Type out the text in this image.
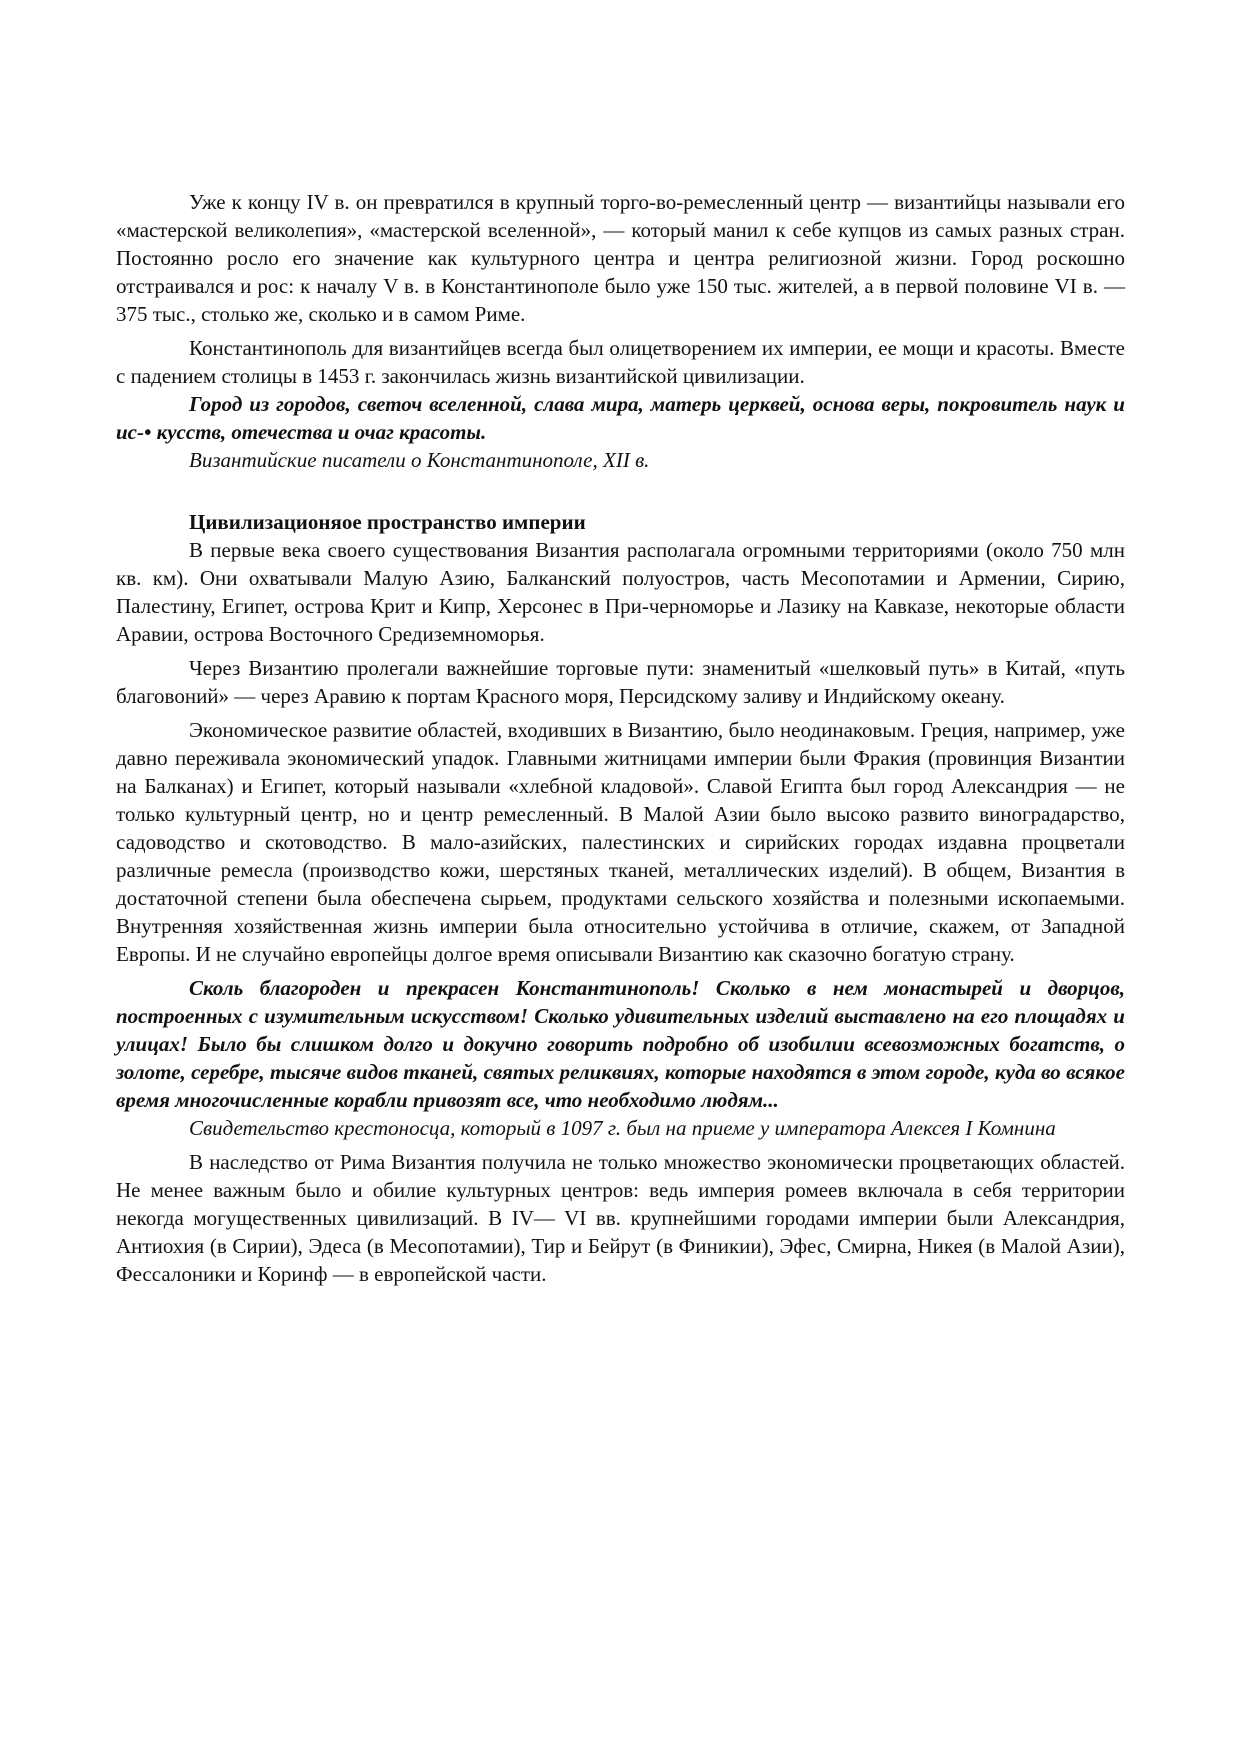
Уже к концу IV в. он превратился в крупный торго-во-ремесленный центр — византийцы называли его «мастерской великолепия», «мастерской вселенной», — который манил к себе купцов из самых разных стран. Постоянно росло его значение как культурного центра и центра религиозной жизни. Город роскошно отстраивался и рос: к началу V в. в Константинополе было уже 150 тыс. жителей, а в первой половине VI в. — 375 тыс., столько же, сколько и в самом Риме.

Константинополь для византийцев всегда был олицетворением их империи, ее мощи и красоты. Вместе с падением столицы в 1453 г. закончилась жизнь византийской цивилизации.

Город из городов, светоч вселенной, слава мира, матерь церквей, основа веры, покровитель наук и ис-• кусств, отечества и очаг красоты.

Византийские писатели о Константинополе, XII в.

Цивилизационяое пространство империи

В первые века своего существования Византия располагала огромными территориями (около 750 млн кв. км). Они охватывали Малую Азию, Балканский полуостров, часть Месопотамии и Армении, Сирию, Палестину, Египет, острова Крит и Кипр, Херсонес в При-черноморье и Лазику на Кавказе, некоторые области Аравии, острова Восточного Средиземноморья.

Через Византию пролегали важнейшие торговые пути: знаменитый «шелковый путь» в Китай, «путь благовоний» — через Аравию к портам Красного моря, Персидскому заливу и Индийскому океану.

Экономическое развитие областей, входивших в Византию, было неодинаковым. Греция, например, уже давно переживала экономический упадок. Главными житницами империи были Фракия (провинция Византии на Балканах) и Египет, который называли «хлебной кладовой». Славой Египта был город Александрия — не только культурный центр, но и центр ремесленный. В Малой Азии было высоко развито виноградарство, садоводство и скотоводство. В мало-азийских, палестинских и сирийских городах издавна процветали различные ремесла (производство кожи, шерстяных тканей, металлических изделий). В общем, Византия в достаточной степени была обеспечена сырьем, продуктами сельского хозяйства и полезными ископаемыми. Внутренняя хозяйственная жизнь империи была относительно устойчива в отличие, скажем, от Западной Европы. И не случайно европейцы долгое время описывали Византию как сказочно богатую страну.

Сколь благороден и прекрасен Константинополь! Сколько в нем монастырей и дворцов, построенных с изумительным искусством! Сколько удивительных изделий выставлено на его площадях и улицах! Было бы слишком долго и докучно говорить подробно об изобилии всевозможных богатств, о золоте, серебре, тысяче видов тканей, святых реликвиях, которые находятся в этом городе, куда во всякое время многочисленные корабли привозят все, что необходимо людям...

Свидетельство крестоносца, который в 1097 г. был на приеме у императора Алексея I Комнина

В наследство от Рима Византия получила не только множество экономически процветающих областей. Не менее важным было и обилие культурных центров: ведь империя ромеев включала в себя территории некогда могущественных цивилизаций. В IV— VI вв. крупнейшими городами империи были Александрия, Антиохия (в Сирии), Эдеса (в Месопотамии), Тир и Бейрут (в Финикии), Эфес, Смирна, Никея (в Малой Азии), Фессалоники и Коринф — в европейской части.
